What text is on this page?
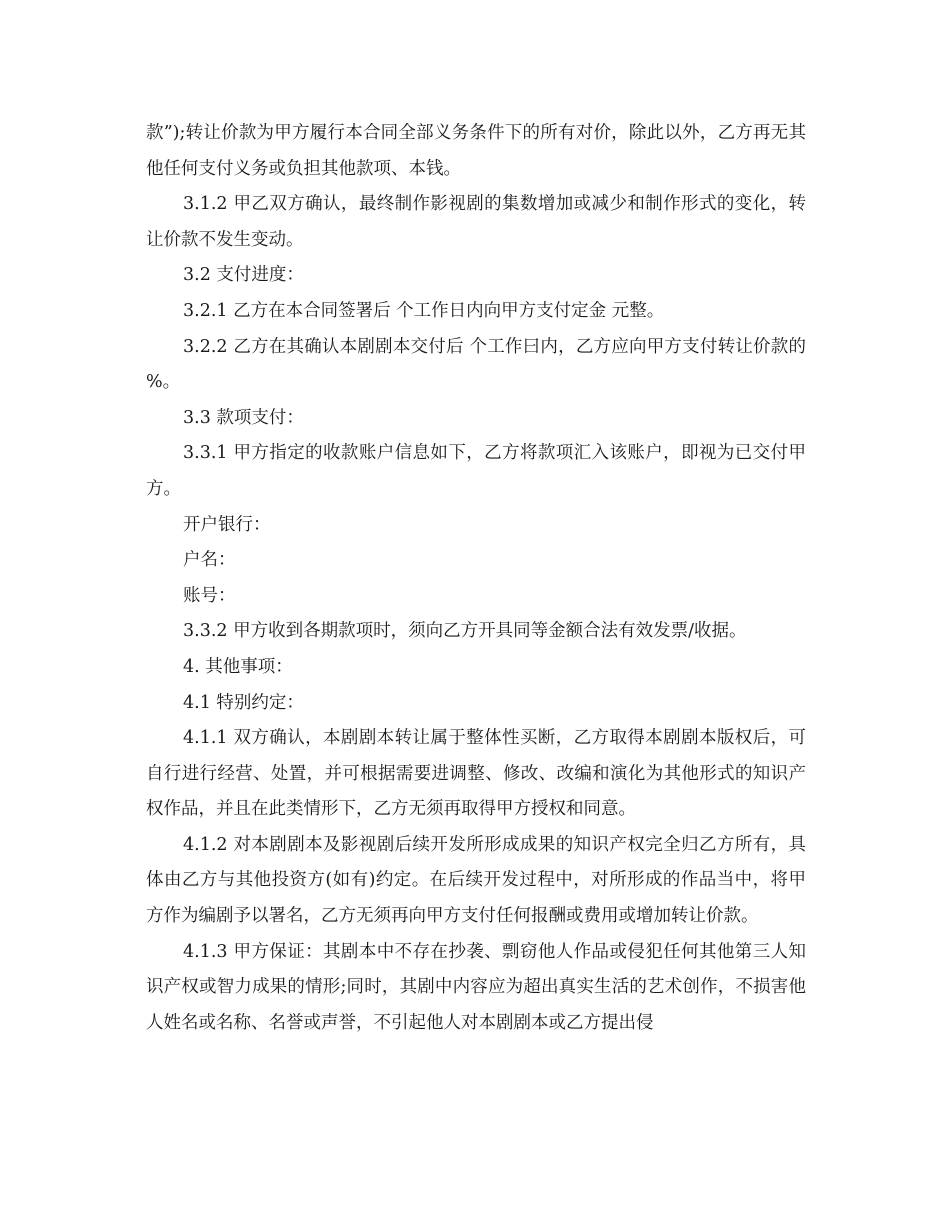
款”);转让价款为甲方履行本合同全部义务条件下的所有对价，除此以外，乙方再无其他任何支付义务或负担其他款项、本钱。

3.1.2 甲乙双方确认，最终制作影视剧的集数增加或减少和制作形式的变化，转让价款不发生变动。

3.2 支付进度：

3.2.1 乙方在本合同签署后 个工作日内向甲方支付定金 元整。

3.2.2 乙方在其确认本剧剧本交付后 个工作曰内，乙方应向甲方支付转让价款的 %。

3.3 款项支付：

3.3.1 甲方指定的收款账户信息如下，乙方将款项汇入该账户，即视为已交付甲方。

开户银行：

户名：

账号：

3.3.2 甲方收到各期款项时，须向乙方开具同等金额合法有效发票/收据。

4. 其他事项：

4.1 特别约定：

4.1.1 双方确认，本剧剧本转让属于整体性买断，乙方取得本剧剧本版权后，可自行进行经营、处置，并可根据需要进调整、修改、改编和演化为其他形式的知识产权作品，并且在此类情形下，乙方无须再取得甲方授权和同意。

4.1.2 对本剧剧本及影视剧后续开发所形成成果的知识产权完全归乙方所有，具体由乙方与其他投资方(如有)约定。在后续开发过程中，对所形成的作品当中，将甲方作为编剧予以署名，乙方无须再向甲方支付任何报酬或费用或增加转让价款。

4.1.3 甲方保证：其剧本中不存在抄袭、剽窃他人作品或侵犯任何其他第三人知识产权或智力成果的情形;同时，其剧中内容应为超出真实生活的艺术创作，不损害他人姓名或名称、名誉或声誉，不引起他人对本剧剧本或乙方提出侵
